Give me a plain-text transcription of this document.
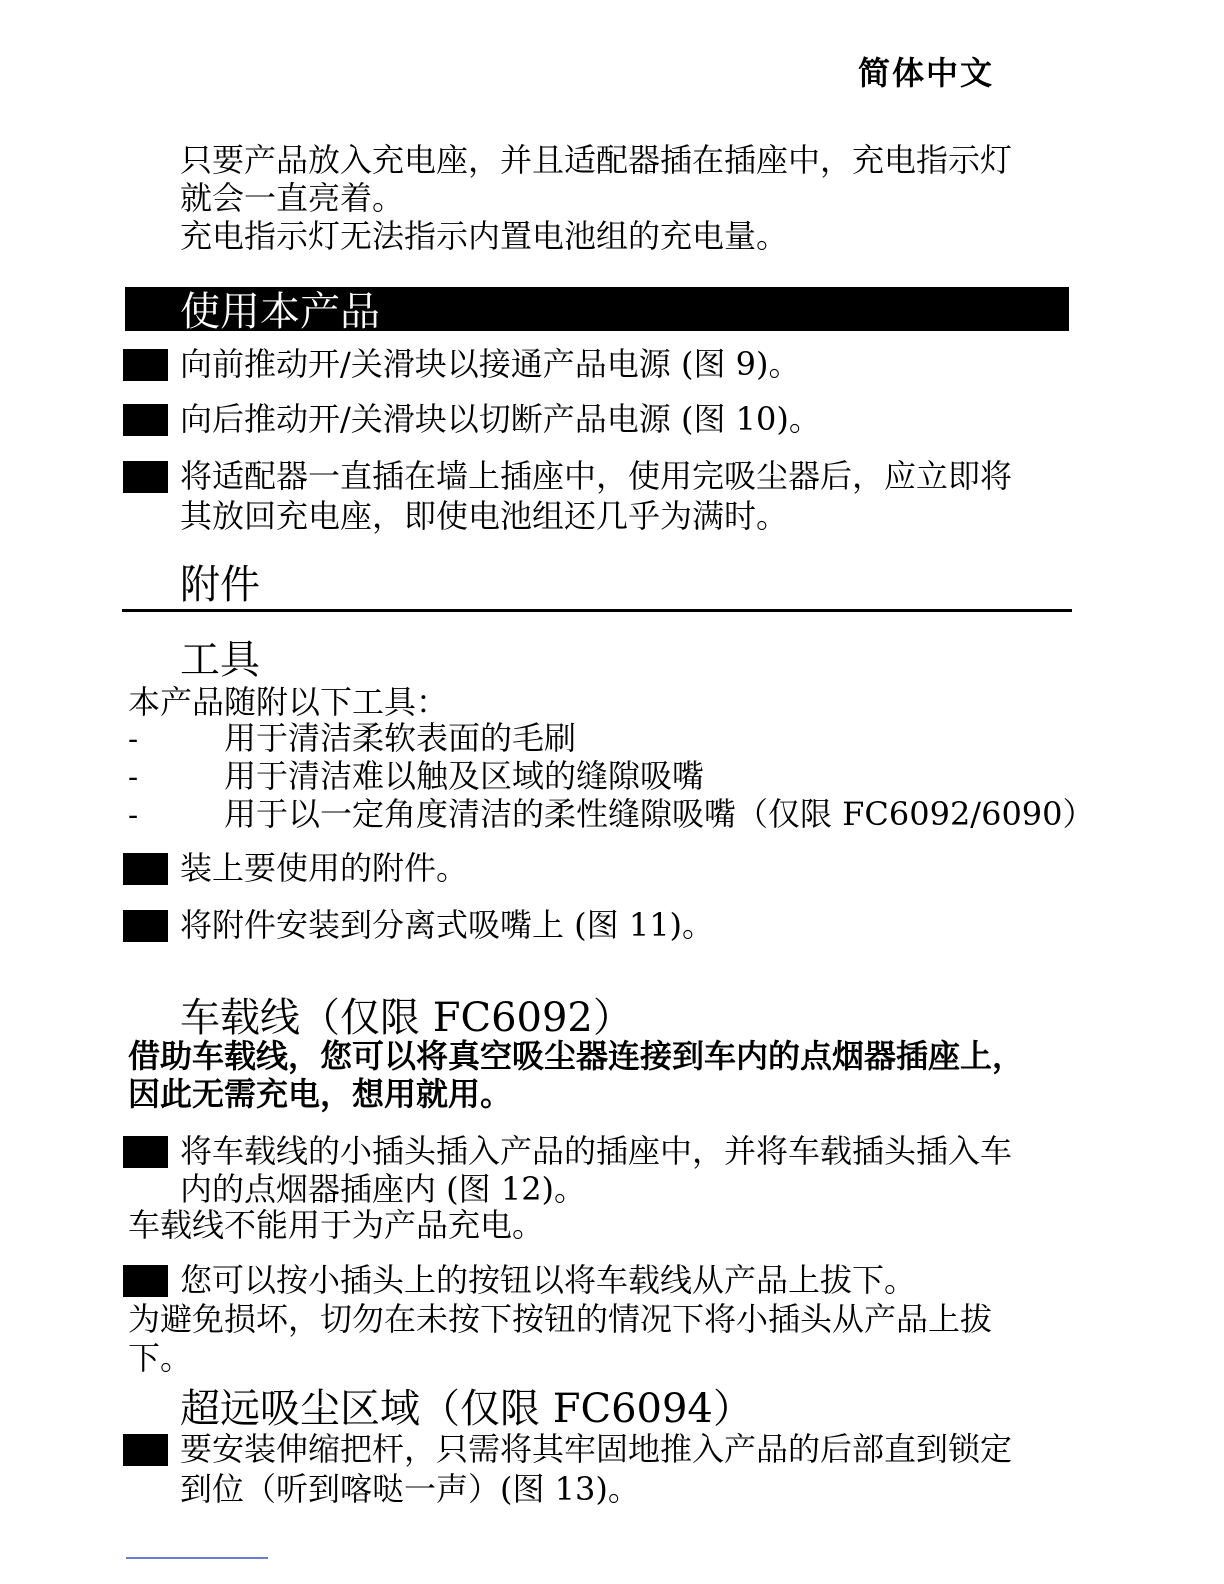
简体中文
只要产品放入充电座，并且适配器插在插座中，充电指示灯
就会一直亮着。
充电指示灯无法指示内置电池组的充电量。
使用本产品
向前推动开/关滑块以接通产品电源 (图 9)。
向后推动开/关滑块以切断产品电源 (图 10)。
将适配器一直插在墙上插座中，使用完吸尘器后，应立即将
其放回充电座，即使电池组还几乎为满时。
附件
工具
本产品随附以下工具：
-	用于清洁柔软表面的毛刷
-	用于清洁难以触及区域的缝隙吸嘴
-	用于以一定角度清洁的柔性缝隙吸嘴（仅限 FC6092/6090）
装上要使用的附件。
将附件安装到分离式吸嘴上 (图 11)。
车载线（仅限 FC6092）
借助车载线，您可以将真空吸尘器连接到车内的点烟器插座上，
因此无需充电，想用就用。
将车载线的小插头插入产品的插座中，并将车载插头插入车
内的点烟器插座内 (图 12)。
车载线不能用于为产品充电。
您可以按小插头上的按钮以将车载线从产品上拔下。
为避免损坏，切勿在未按下按钮的情况下将小插头从产品上拔
下。
超远吸尘区域（仅限 FC6094）
要安装伸缩把杆，只需将其牢固地推入产品的后部直到锁定
到位（听到喀哒一声）(图 13)。
